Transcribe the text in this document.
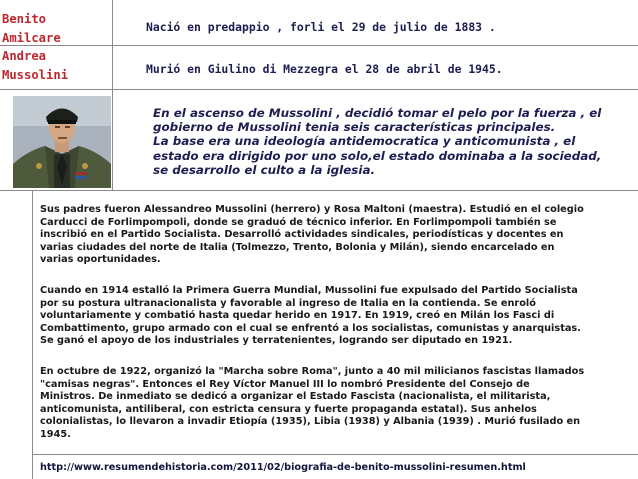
Benito
Amilcare
Andrea
Mussolini
Nació en predappio , forli el 29 de julio de 1883 .
Murió en Giulino di Mezzegra el 28 de abril de 1945.
En el ascenso de Mussolini , decidió tomar el pelo por la fuerza , el
gobierno de Mussolini tenia seis características principales.
La base era una ideología antidemocratica y anticomunista , el
estado era dirigido por uno solo,el estado dominaba a la sociedad,
se desarrollo el culto a la iglesia.
Sus padres fueron Alessandreo Mussolini (herrero) y Rosa Maltoni (maestra). Estudió en el colegio
Carducci de Forlimpompoli, donde se graduó de técnico inferior. En Forlimpompoli también se
inscribió en el Partido Socialista. Desarrolló actividades sindicales, periodísticas y docentes en
varias ciudades del norte de Italia (Tolmezzo, Trento, Bolonia y Milán), siendo encarcelado en
varias oportunidades.
Cuando en 1914 estalló la Primera Guerra Mundial, Mussolini fue expulsado del Partido Socialista
por su postura ultranacionalista y favorable al ingreso de Italia en la contienda. Se enroló
voluntariamente y combatió hasta quedar herido en 1917. En 1919, creó en Milán los Fasci di
Combattimento, grupo armado con el cual se enfrentó a los socialistas, comunistas y anarquistas.
Se ganó el apoyo de los industriales y terratenientes, logrando ser diputado en 1921.
En octubre de 1922, organizó la "Marcha sobre Roma", junto a 40 mil milicianos fascistas llamados
"camisas negras". Entonces el Rey Víctor Manuel III lo nombró Presidente del Consejo de
Ministros. De inmediato se dedicó a organizar el Estado Fascista (nacionalista, el militarista,
anticomunista, antiliberal, con estricta censura y fuerte propaganda estatal). Sus anhelos
colonialistas, lo llevaron a invadir Etiopía (1935), Libia (1938) y Albania (1939) . Murió fusilado en
1945.
http://www.resumendehistoria.com/2011/02/biografia-de-benito-mussolini-resumen.html
